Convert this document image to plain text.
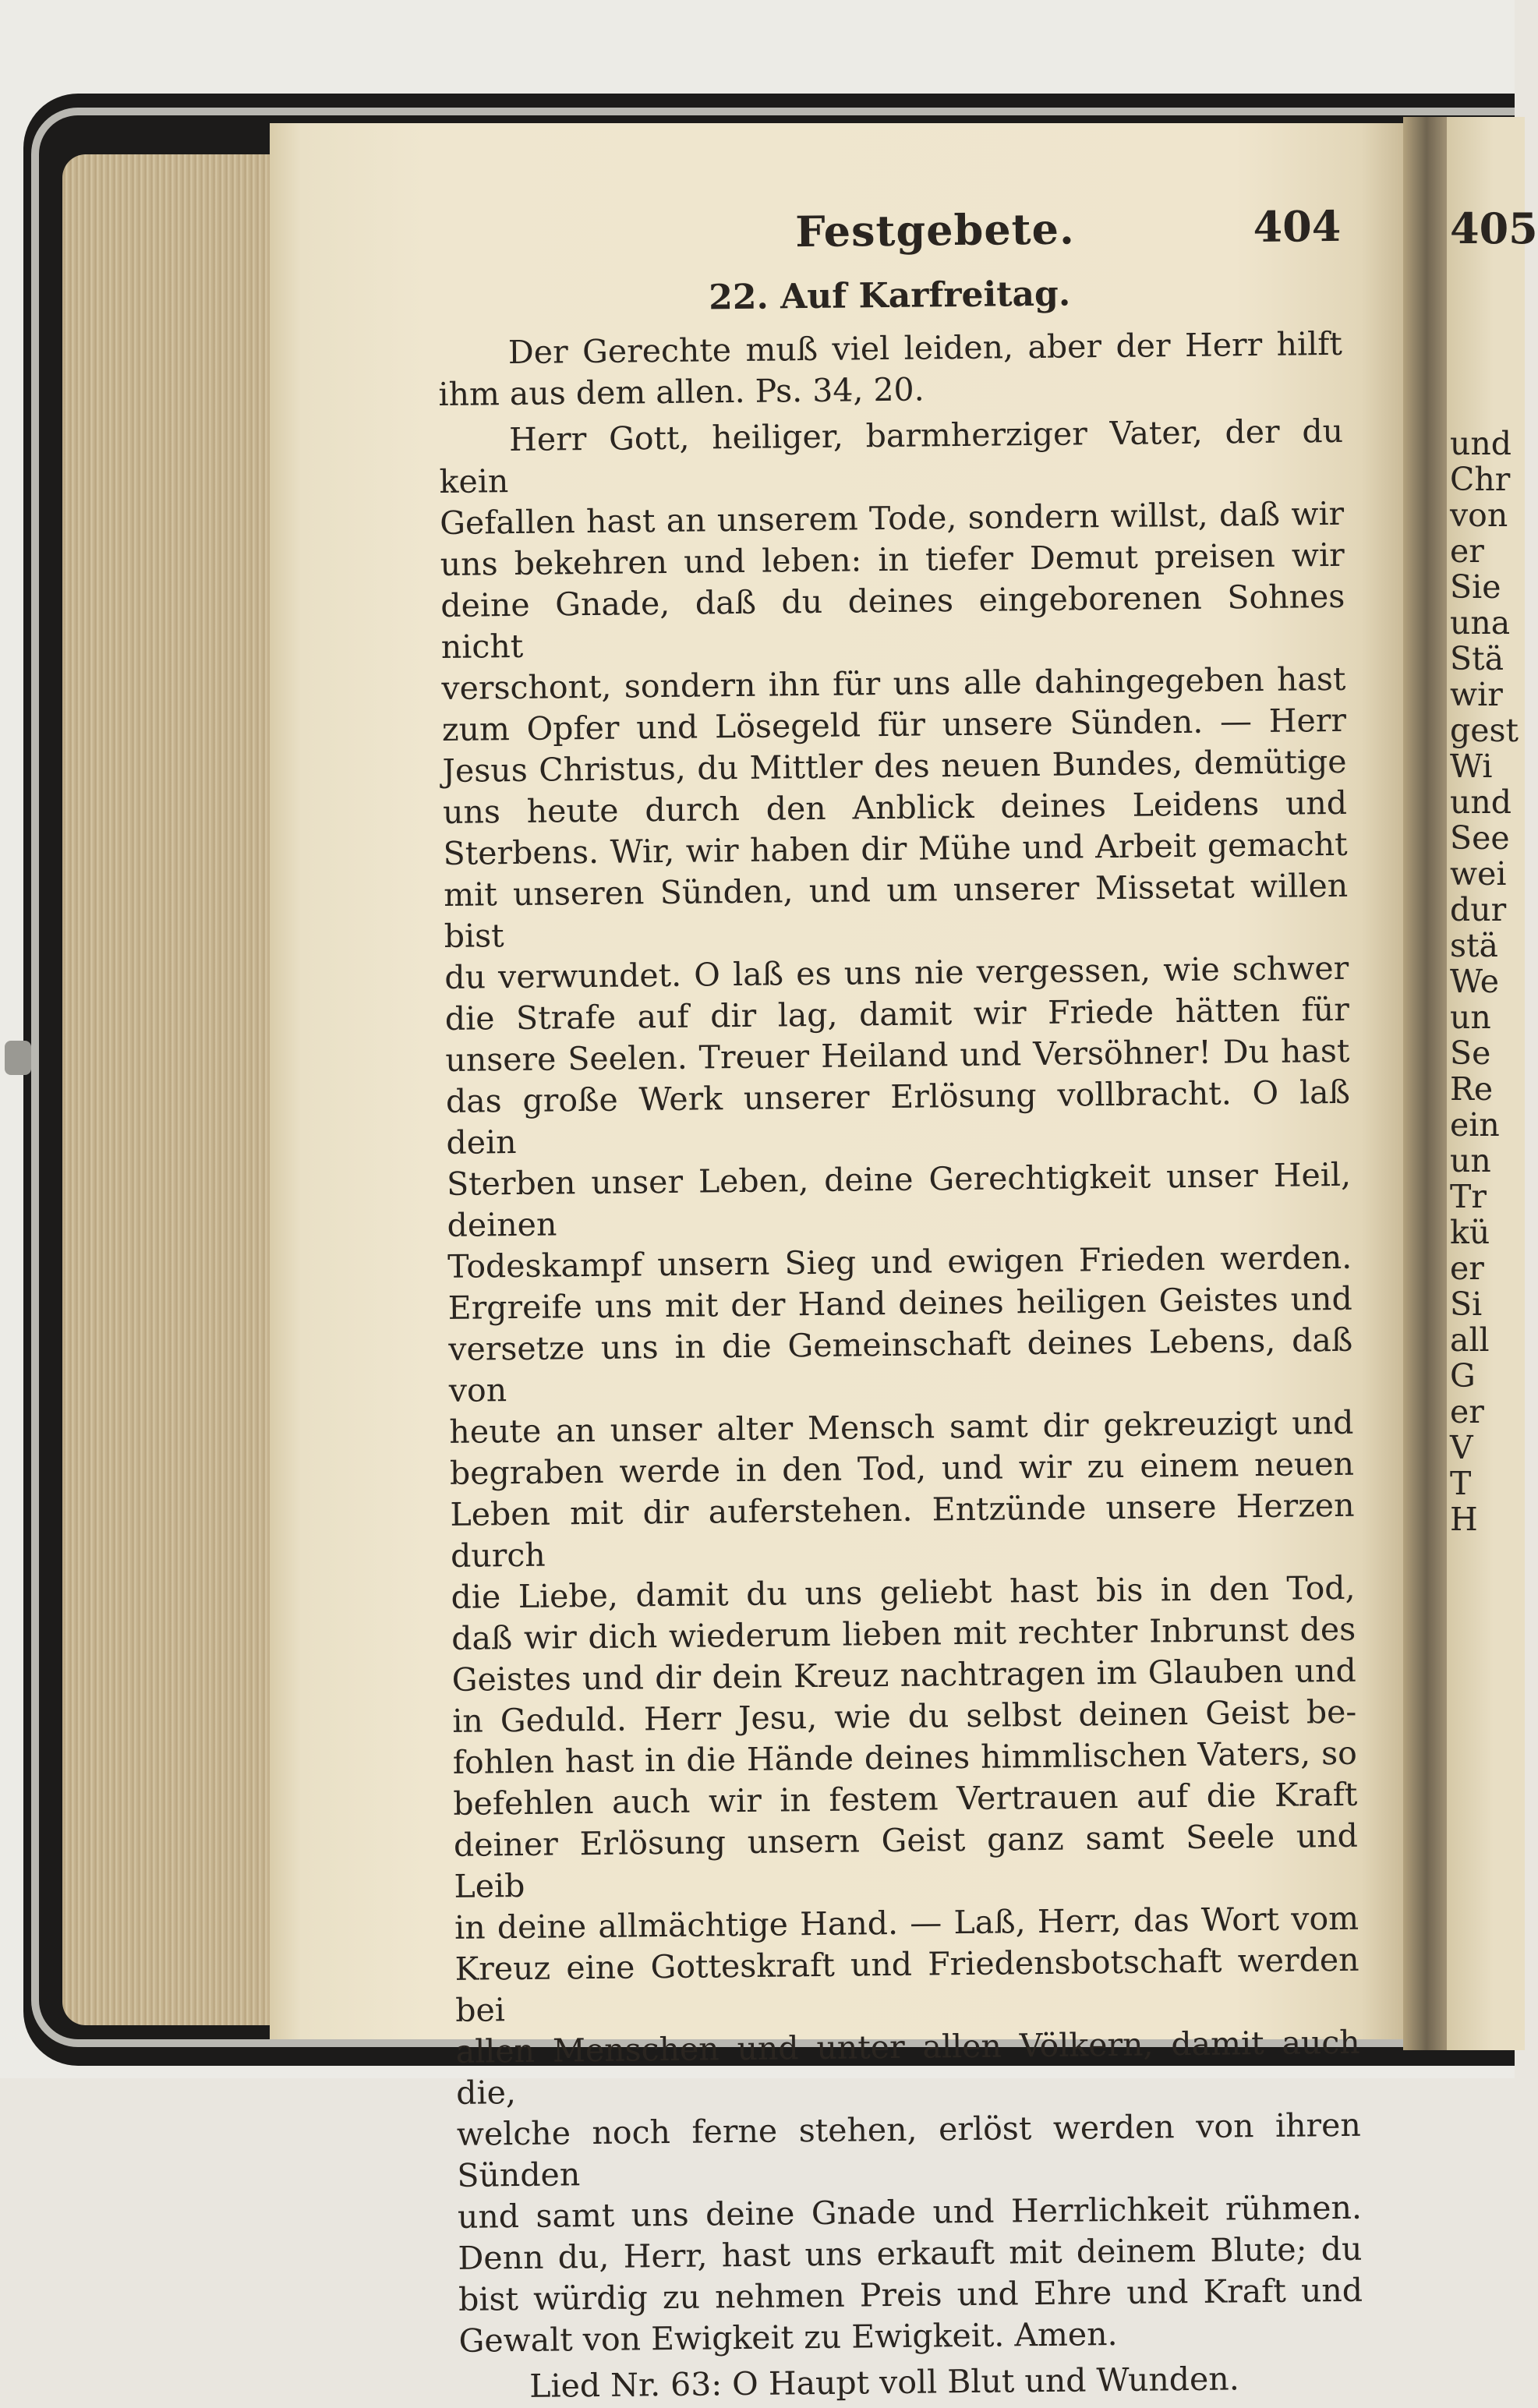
Festgebete.	404
22. Auf Karfreitag.

Der Gerechte muß viel leiden, aber der Herr hilft

ihm aus dem allen. Ps. 34, 20.

Herr Gott, heiliger, barmherziger Vater, der du kein

Gefallen hast an unserem Tode, sondern willst, daß wir

uns bekehren und leben: in tiefer Demut preisen wir

deine Gnade, daß du deines eingeborenen Sohnes nicht

verschont, sondern ihn für uns alle dahingegeben hast

zum Opfer und Lösegeld für unsere Sünden. — Herr

Jesus Christus, du Mittler des neuen Bundes, demütige

uns heute durch den Anblick deines Leidens und

Sterbens. Wir, wir haben dir Mühe und Arbeit gemacht

mit unseren Sünden, und um unserer Missetat willen bist

du verwundet. O laß es uns nie vergessen, wie schwer

die Strafe auf dir lag, damit wir Friede hätten für

unsere Seelen. Treuer Heiland und Versöhner! Du hast

das große Werk unserer Erlösung vollbracht. O laß dein

Sterben unser Leben, deine Gerechtigkeit unser Heil, deinen

Todeskampf unsern Sieg und ewigen Frieden werden.

Ergreife uns mit der Hand deines heiligen Geistes und

versetze uns in die Gemeinschaft deines Lebens, daß von

heute an unser alter Mensch samt dir gekreuzigt und

begraben werde in den Tod, und wir zu einem neuen

Leben mit dir auferstehen. Entzünde unsere Herzen durch

die Liebe, damit du uns geliebt hast bis in den Tod,

daß wir dich wiederum lieben mit rechter Inbrunst des

Geistes und dir dein Kreuz nachtragen im Glauben und

in Geduld. Herr Jesu, wie du selbst deinen Geist be-

fohlen hast in die Hände deines himmlischen Vaters, so

befehlen auch wir in festem Vertrauen auf die Kraft

deiner Erlösung unsern Geist ganz samt Seele und Leib

in deine allmächtige Hand. — Laß, Herr, das Wort vom

Kreuz eine Gotteskraft und Friedensbotschaft werden bei

allen Menschen und unter allen Völkern, damit auch die,

welche noch ferne stehen, erlöst werden von ihren Sünden

und samt uns deine Gnade und Herrlichkeit rühmen.

Denn du, Herr, hast uns erkauft mit deinem Blute; du

bist würdig zu nehmen Preis und Ehre und Kraft und

Gewalt von Ewigkeit zu Ewigkeit. Amen.

Lied Nr. 63: O Haupt voll Blut und Wunden.
405
und
Chr
von
er
Sie
una
Stä
wir
gest
Wi
und
See
wei
dur
stä
We
un
Se
Re
ein
un
Tr
kü
er
Si
all
G
er
V
T
H
